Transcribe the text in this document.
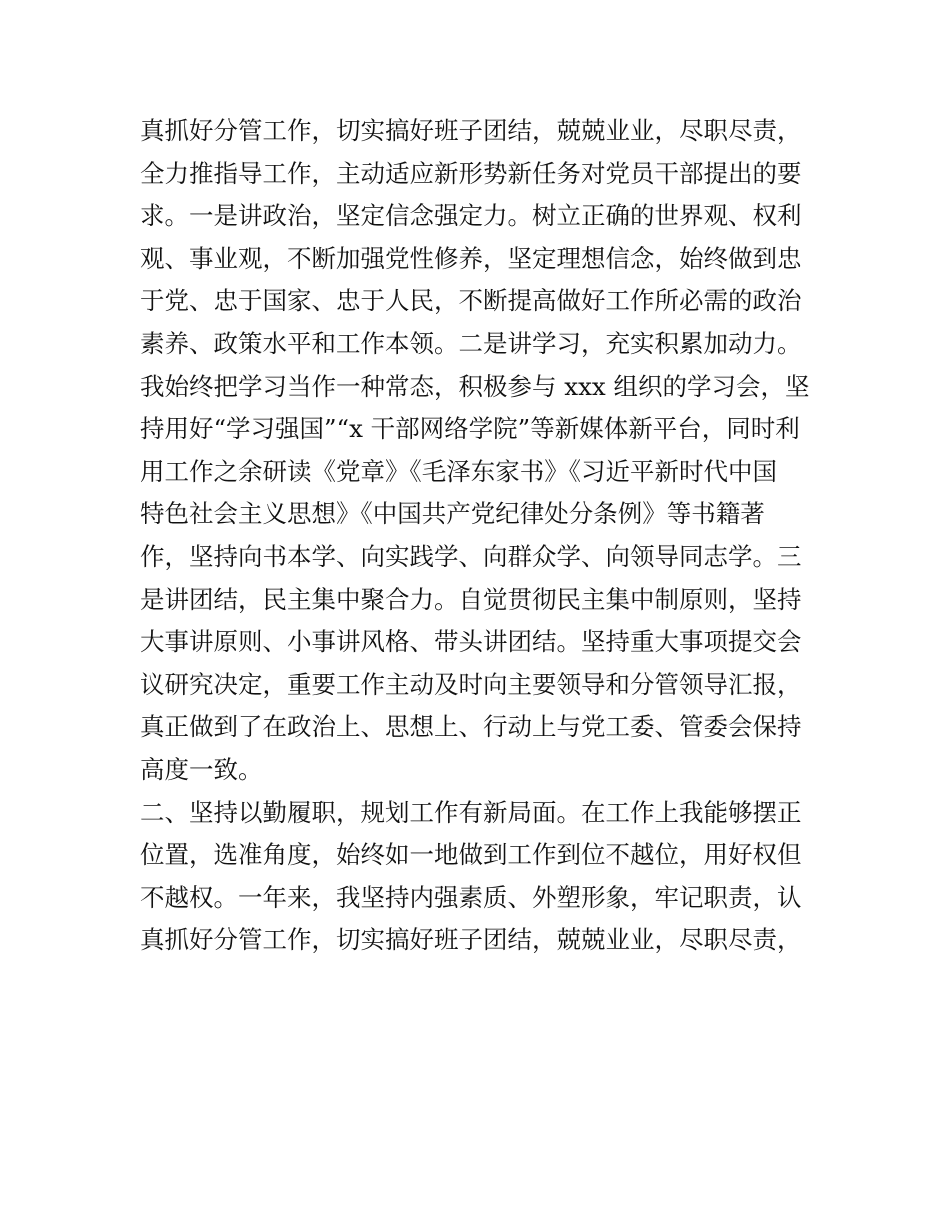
真抓好分管工作，切实搞好班子团结，兢兢业业，尽职尽责，
全力推指导工作，主动适应新形势新任务对党员干部提出的要
求。一是讲政治，坚定信念强定力。树立正确的世界观、权利
观、事业观，不断加强党性修养，坚定理想信念，始终做到忠
于党、忠于国家、忠于人民，不断提高做好工作所必需的政治
素养、政策水平和工作本领。二是讲学习，充实积累加动力。
我始终把学习当作一种常态，积极参与 xxx 组织的学习会，坚
持用好“学习强国”“x 干部网络学院”等新媒体新平台，同时利
用工作之余研读《党章》《毛泽东家书》《习近平新时代中国
特色社会主义思想》《中国共产党纪律处分条例》等书籍著
作，坚持向书本学、向实践学、向群众学、向领导同志学。三
是讲团结，民主集中聚合力。自觉贯彻民主集中制原则，坚持
大事讲原则、小事讲风格、带头讲团结。坚持重大事项提交会
议研究决定，重要工作主动及时向主要领导和分管领导汇报，
真正做到了在政治上、思想上、行动上与党工委、管委会保持
高度一致。
二、坚持以勤履职，规划工作有新局面。在工作上我能够摆正
位置，选准角度，始终如一地做到工作到位不越位，用好权但
不越权。一年来，我坚持内强素质、外塑形象，牢记职责，认
真抓好分管工作，切实搞好班子团结，兢兢业业，尽职尽责，
